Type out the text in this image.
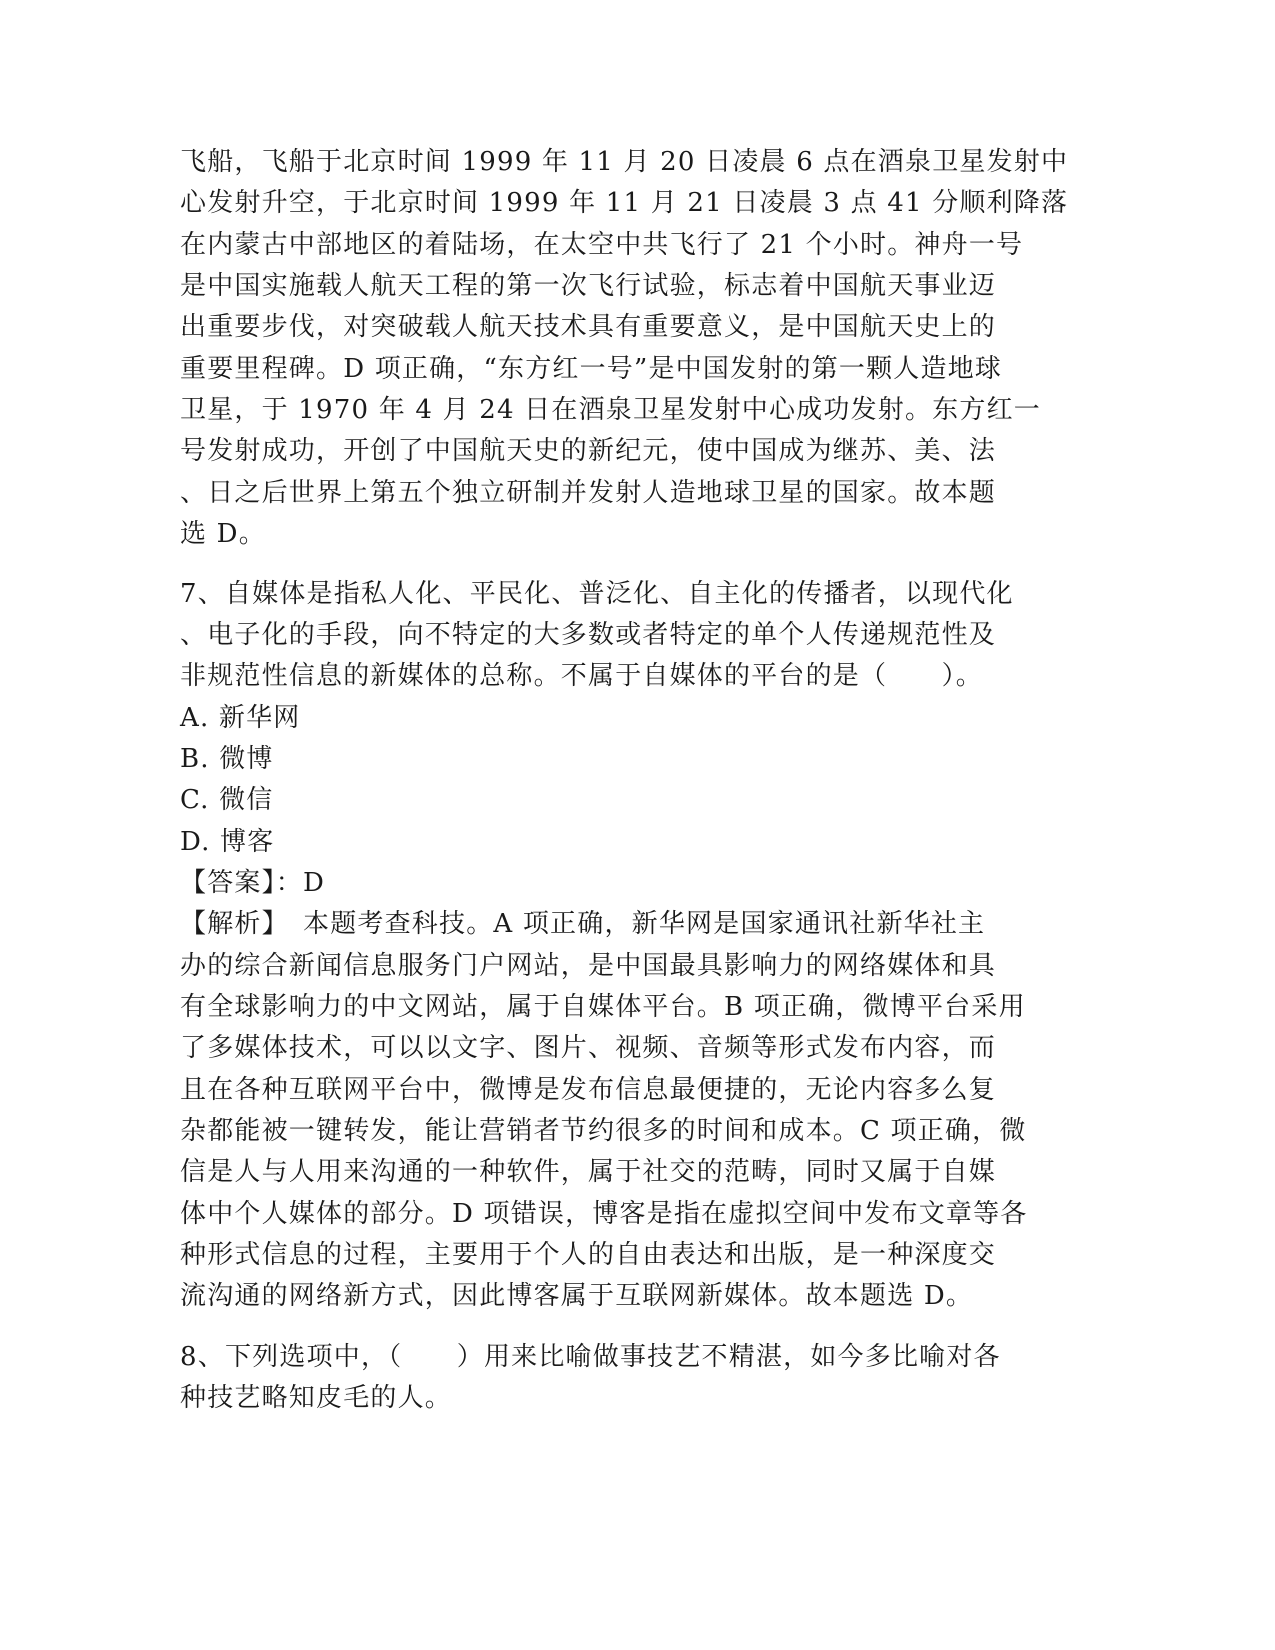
飞船，飞船于北京时间 1999 年 11 月 20 日凌晨 6 点在酒泉卫星发射中
心发射升空，于北京时间 1999 年 11 月 21 日凌晨 3 点 41 分顺利降落
在内蒙古中部地区的着陆场，在太空中共飞行了 21 个小时。神舟一号
是中国实施载人航天工程的第一次飞行试验，标志着中国航天事业迈
出重要步伐，对突破载人航天技术具有重要意义，是中国航天史上的
重要里程碑。D 项正确，“东方红一号”是中国发射的第一颗人造地球
卫星，于 1970 年 4 月 24 日在酒泉卫星发射中心成功发射。东方红一
号发射成功，开创了中国航天史的新纪元，使中国成为继苏、美、法
、日之后世界上第五个独立研制并发射人造地球卫星的国家。故本题
选 D。
7、自媒体是指私人化、平民化、普泛化、自主化的传播者，以现代化
、电子化的手段，向不特定的大多数或者特定的单个人传递规范性及
非规范性信息的新媒体的总称。不属于自媒体的平台的是（　　）。
A. 新华网
B. 微博
C. 微信
D. 博客
【答案】：D
【解析】　本题考查科技。A 项正确，新华网是国家通讯社新华社主
办的综合新闻信息服务门户网站，是中国最具影响力的网络媒体和具
有全球影响力的中文网站，属于自媒体平台。B 项正确，微博平台采用
了多媒体技术，可以以文字、图片、视频、音频等形式发布内容，而
且在各种互联网平台中，微博是发布信息最便捷的，无论内容多么复
杂都能被一键转发，能让营销者节约很多的时间和成本。C 项正确，微
信是人与人用来沟通的一种软件，属于社交的范畴，同时又属于自媒
体中个人媒体的部分。D 项错误，博客是指在虚拟空间中发布文章等各
种形式信息的过程，主要用于个人的自由表达和出版，是一种深度交
流沟通的网络新方式，因此博客属于互联网新媒体。故本题选 D。
8、下列选项中，（　　）用来比喻做事技艺不精湛，如今多比喻对各
种技艺略知皮毛的人。
